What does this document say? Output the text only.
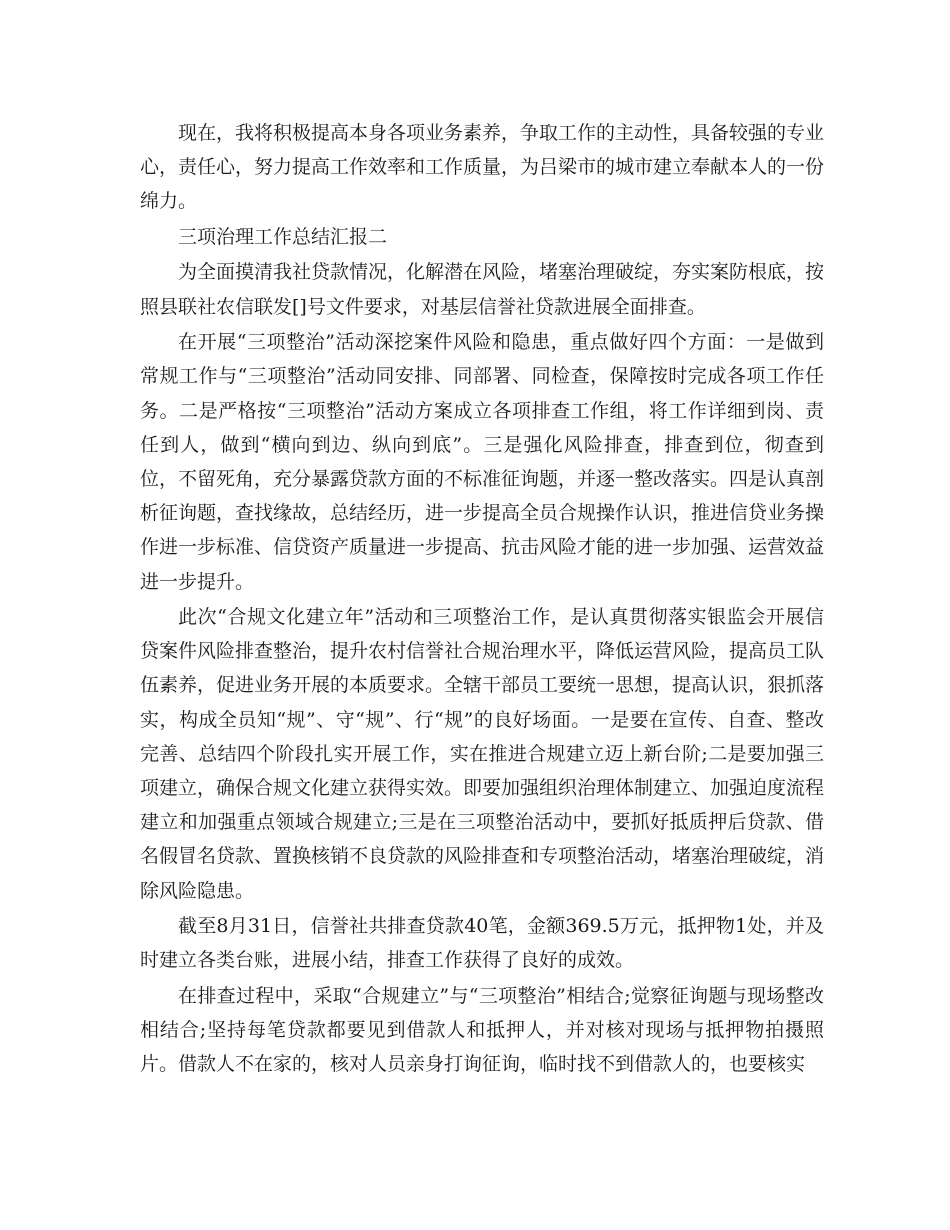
现在，我将积极提高本身各项业务素养，争取工作的主动性，具备较强的专业心，责任心，努力提高工作效率和工作质量，为吕梁市的城市建立奉献本人的一份绵力。

三项治理工作总结汇报二

为全面摸清我社贷款情况，化解潜在风险，堵塞治理破绽，夯实案防根底，按照县联社农信联发[]号文件要求，对基层信誉社贷款进展全面排查。

在开展“三项整治”活动深挖案件风险和隐患，重点做好四个方面：一是做到常规工作与“三项整治”活动同安排、同部署、同检查，保障按时完成各项工作任务。二是严格按“三项整治”活动方案成立各项排查工作组，将工作详细到岗、责任到人，做到“横向到边、纵向到底”。三是强化风险排查，排查到位，彻查到位，不留死角，充分暴露贷款方面的不标准征询题，并逐一整改落实。四是认真剖析征询题，查找缘故，总结经历，进一步提高全员合规操作认识，推进信贷业务操作进一步标准、信贷资产质量进一步提高、抗击风险才能的进一步加强、运营效益进一步提升。

此次“合规文化建立年”活动和三项整治工作，是认真贯彻落实银监会开展信贷案件风险排查整治，提升农村信誉社合规治理水平，降低运营风险，提高员工队伍素养，促进业务开展的本质要求。全辖干部员工要统一思想，提高认识，狠抓落实，构成全员知“规”、守“规”、行“规”的良好场面。一是要在宣传、自查、整改完善、总结四个阶段扎实开展工作，实在推进合规建立迈上新台阶;二是要加强三项建立，确保合规文化建立获得实效。即要加强组织治理体制建立、加强迫度流程建立和加强重点领域合规建立;三是在三项整治活动中，要抓好抵质押后贷款、借名假冒名贷款、置换核销不良贷款的风险排查和专项整治活动，堵塞治理破绽，消除风险隐患。

截至8月31日，信誉社共排查贷款40笔，金额369.5万元，抵押物1处，并及时建立各类台账，进展小结，排查工作获得了良好的成效。

在排查过程中，采取“合规建立”与“三项整治”相结合;觉察征询题与现场整改相结合;坚持每笔贷款都要见到借款人和抵押人，并对核对现场与抵押物拍摄照片。借款人不在家的，核对人员亲身打询征询，临时找不到借款人的，也要核实
